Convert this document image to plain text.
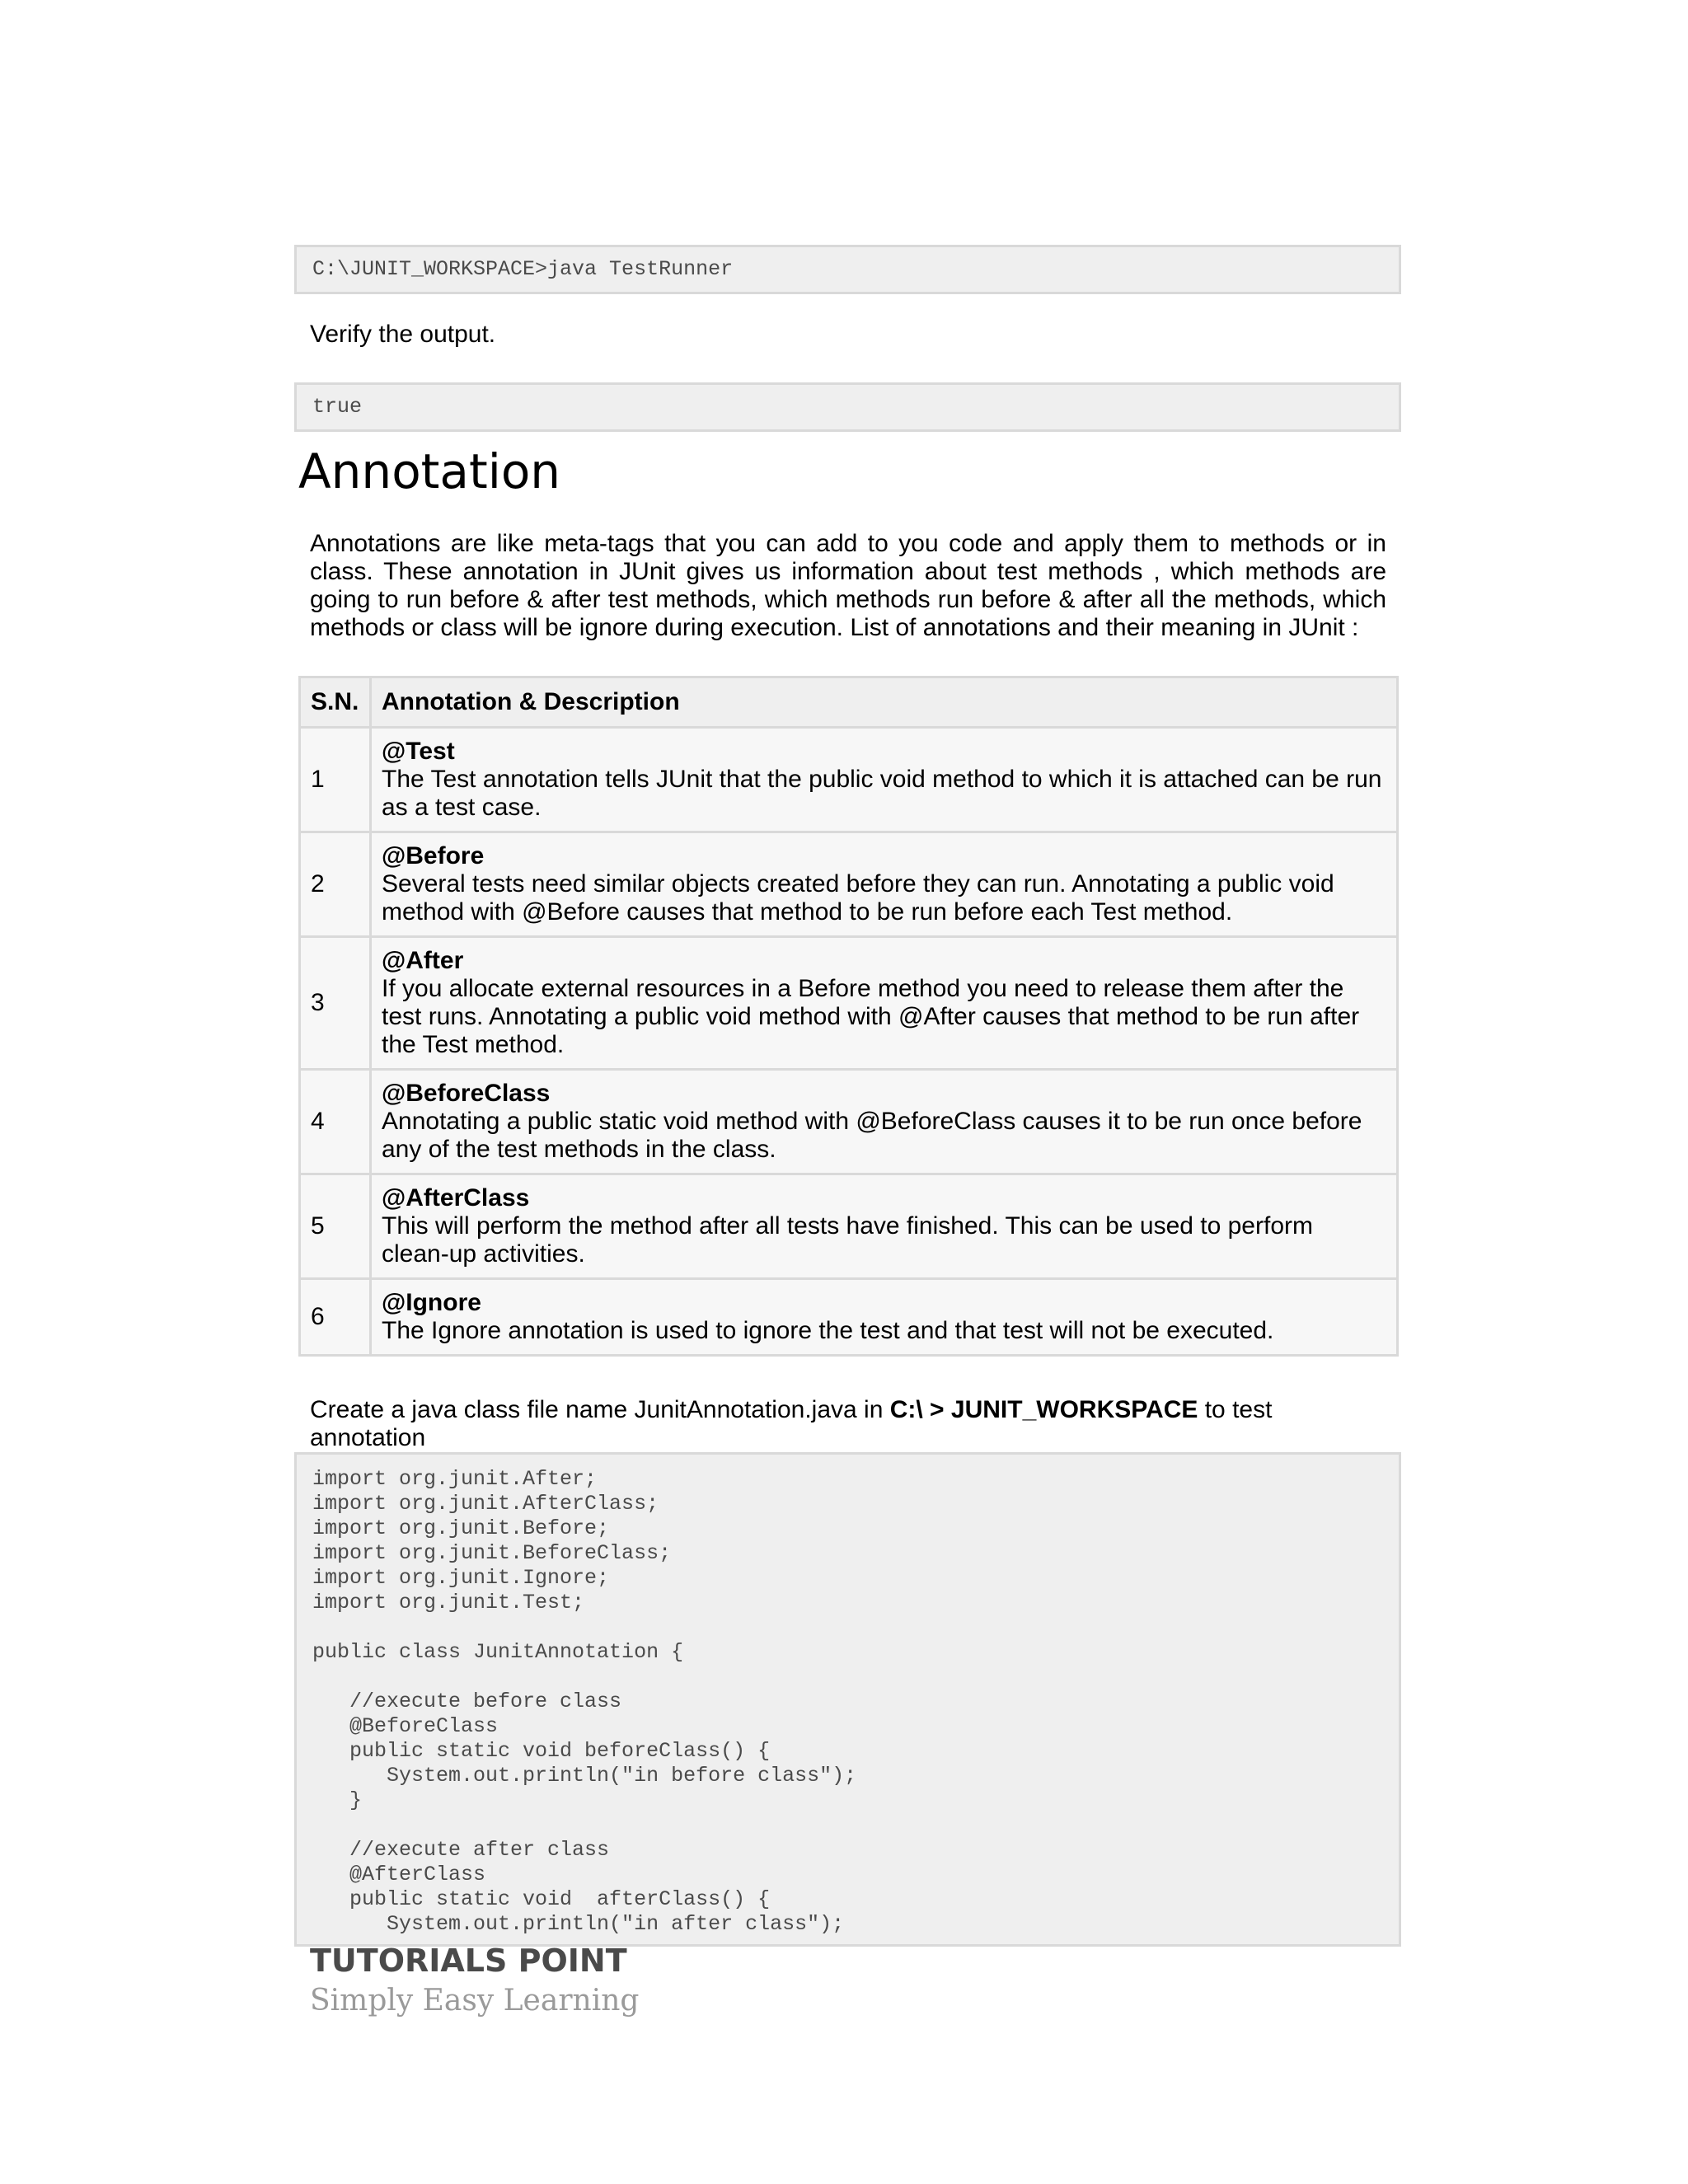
C:\JUNIT_WORKSPACE>java TestRunner
Verify the output.
true
Annotation
Annotations are like meta-tags that you can add to you code and apply them to methods or in class. These annotation in JUnit gives us information about test methods , which methods are going to run before & after test methods, which methods run before & after all the methods, which methods or class will be ignore during execution. List of annotations and their meaning in JUnit :
S.N.	Annotation & Description
1	@Test
The Test annotation tells JUnit that the public void method to which it is attached can be run as a test case.

2	@Before
Several tests need similar objects created before they can run. Annotating a public void method with @Before causes that method to be run before each Test method.

3	@After
If you allocate external resources in a Before method you need to release them after the test runs. Annotating a public void method with @After causes that method to be run after the Test method.

4	@BeforeClass
Annotating a public static void method with @BeforeClass causes it to be run once before any of the test methods in the class.

5	@AfterClass
This will perform the method after all tests have finished. This can be used to perform clean-up activities.

6	@Ignore
The Ignore annotation is used to ignore the test and that test will not be executed.
Create a java class file name JunitAnnotation.java in C:\ > JUNIT_WORKSPACE to test annotation
import org.junit.After;
import org.junit.AfterClass;
import org.junit.Before;
import org.junit.BeforeClass;
import org.junit.Ignore;
import org.junit.Test;

public class JunitAnnotation {

//execute before class
@BeforeClass
public static void beforeClass() {
System.out.println("in before class");
}

//execute after class
@AfterClass
public static void  afterClass() {
System.out.println("in after class");
TUTORIALS POINT
Simply Easy Learning
